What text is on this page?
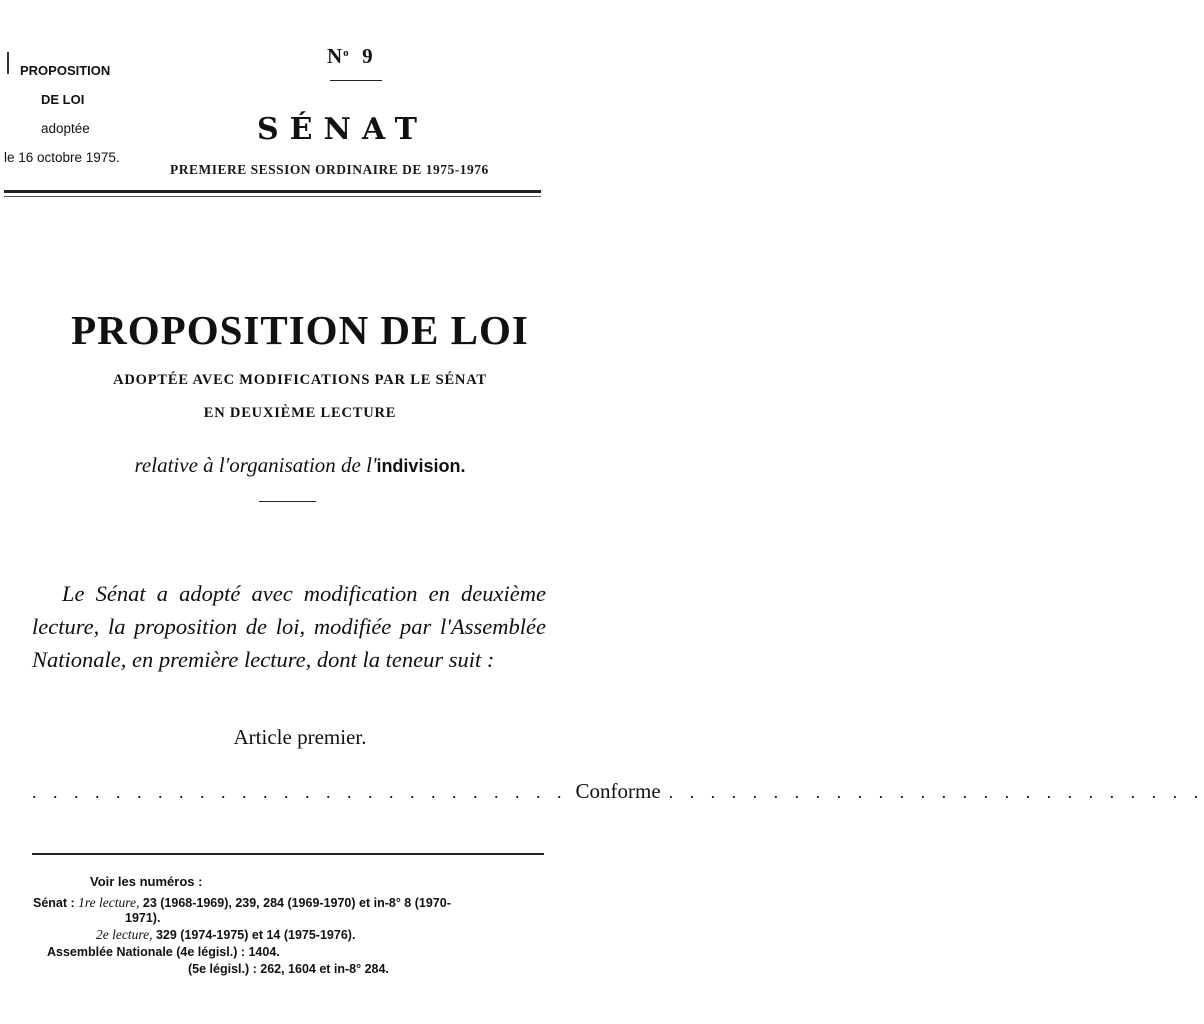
$N^o$ 9
PROPOSITION
DE LOI
adoptée
le 16 octobre 1975.
SÉNAT
PREMIERE SESSION ORDINAIRE DE 1975-1976
PROPOSITION DE LOI
ADOPTÉE AVEC MODIFICATIONS PAR LE SÉNAT
EN DEUXIÈME LECTURE
relative à l'organisation de l'indivision.
Le Sénat a adopté avec modification en deuxième lecture, la proposition de loi, modifiée par l'Assemblée Nationale, en première lecture, dont la teneur suit :
Article premier.
. . . . . . . . . . . . . . . . . . . . . . . . . . Conforme . . . . . . . . . . . . . . . . . . . . . . . . . .
Voir les numéros :
Sénat : 1re lecture, 23 (1968-1969), 239, 284 (1969-1970) et in-8° 8 (1970-
1971).
2e lecture, 329 (1974-1975) et 14 (1975-1976).
Assemblée Nationale (4e législ.) : 1404.
(5e législ.) : 262, 1604 et in-8° 284.
